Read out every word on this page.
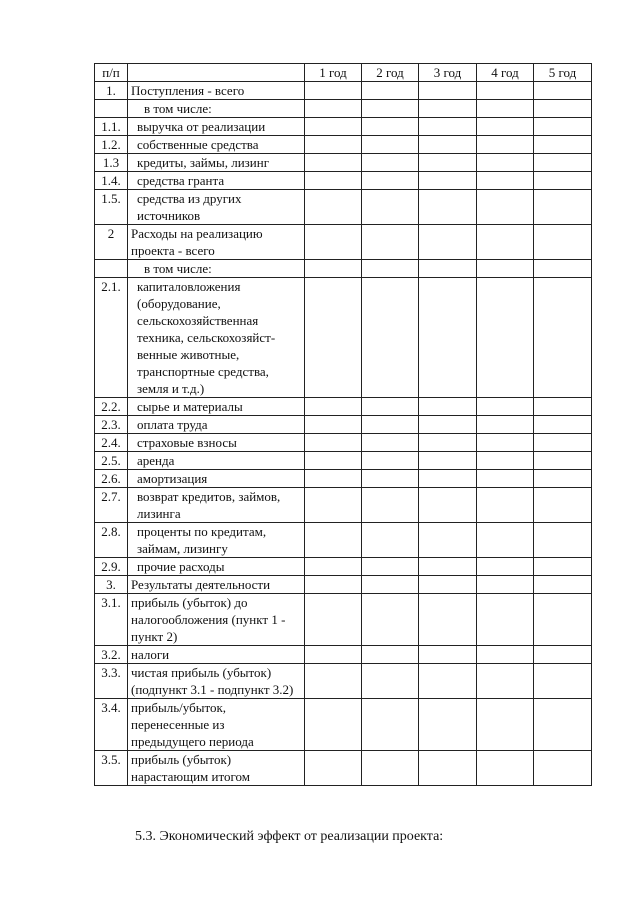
п/п		1 год	2 год	3 год	4 год	5 год
1.	Поступления - всего					
	в том числе:					
1.1.	выручка от реализации					
1.2.	собственные средства					
1.3	кредиты, займы, лизинг					
1.4.	средства гранта					
1.5.	средства из других источников					
2	Расходы на реализацию проекта - всего					
	в том числе:					
2.1.	капиталовложения (оборудование, сельскохозяйственная техника, сельскохозяйст-венные животные, транспортные средства, земля и т.д.)					
2.2.	сырье и материалы					
2.3.	оплата труда					
2.4.	страховые взносы					
2.5.	аренда					
2.6.	амортизация					
2.7.	возврат кредитов, займов, лизинга					
2.8.	проценты по кредитам, займам, лизингу					
2.9.	прочие расходы					
3.	Результаты деятельности					
3.1.	прибыль (убыток) до налогообложения (пункт 1 - пункт 2)					
3.2.	налоги					
3.3.	чистая прибыль (убыток) (подпункт 3.1 - подпункт 3.2)					
3.4.	прибыль/убыток, перенесенные из предыдущего периода					
3.5.	прибыль (убыток) нарастающим итогом					
5.3. Экономический эффект от реализации проекта:
